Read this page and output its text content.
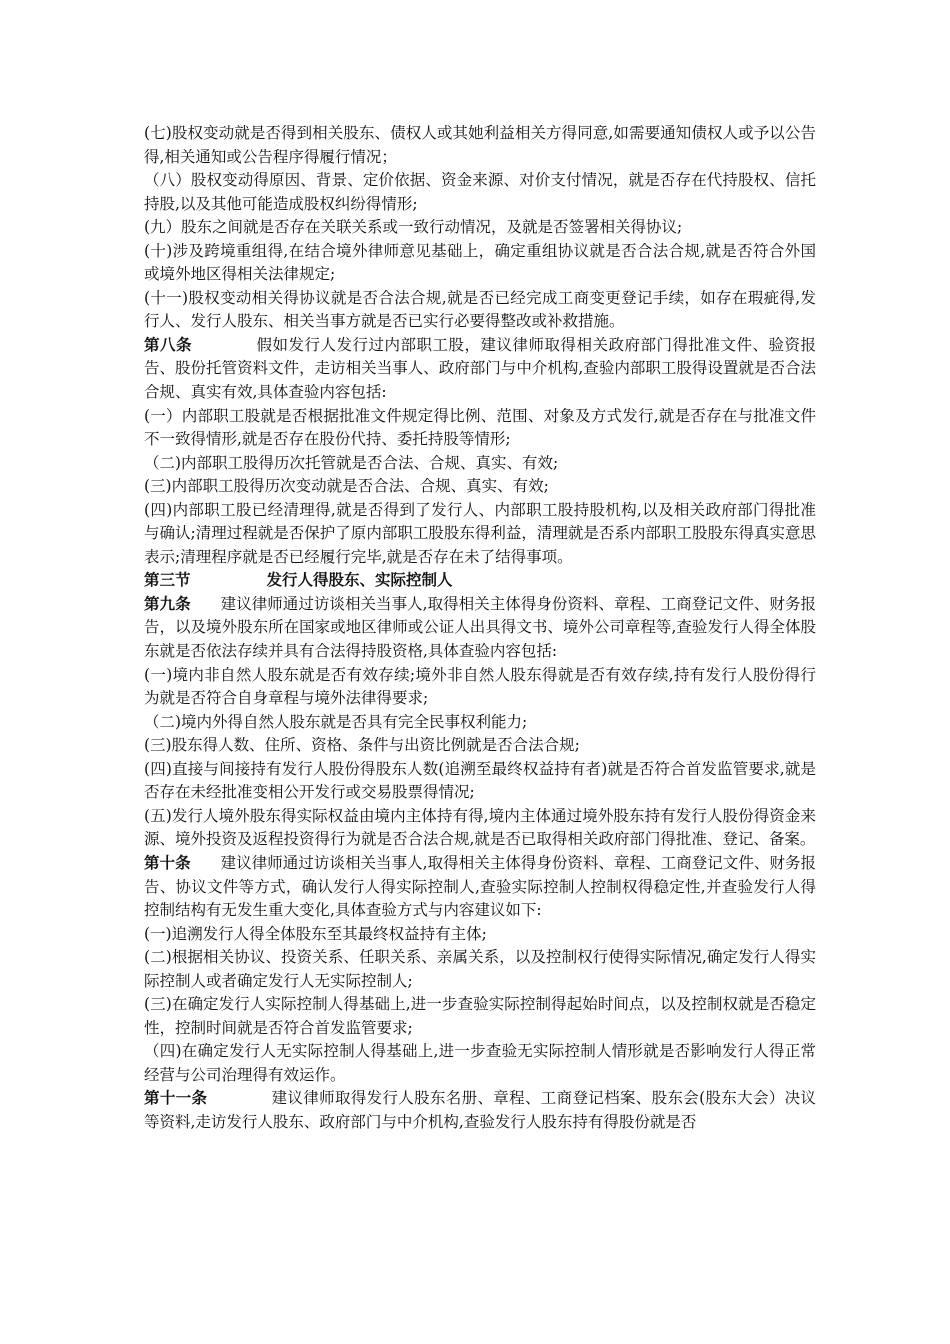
(七)股权变动就是否得到相关股东、债权人或其她利益相关方得同意,如需要通知债权人或予以公告得,相关通知或公告程序得履行情况；

（八）股权变动得原因、背景、定价依据、资金来源、对价支付情况，就是否存在代持股权、信托持股,以及其他可能造成股权纠纷得情形;

(九）股东之间就是否存在关联关系或一致行动情况，及就是否签署相关得协议;

(十)涉及跨境重组得,在结合境外律师意见基础上，确定重组协议就是否合法合规,就是否符合外国或境外地区得相关法律规定;

(十一)股权变动相关得协议就是否合法合规,就是否已经完成工商变更登记手续，如存在瑕疵得,发行人、发行人股东、相关当事方就是否已实行必要得整改或补救措施。

第八条	假如发行人发行过内部职工股，建议律师取得相关政府部门得批准文件、验资报告、股份托管资料文件，走访相关当事人、政府部门与中介机构,查验内部职工股得设置就是否合法合规、真实有效,具体查验内容包括:

(一）内部职工股就是否根据批准文件规定得比例、范围、对象及方式发行,就是否存在与批准文件不一致得情形,就是否存在股份代持、委托持股等情形;

（二)内部职工股得历次托管就是否合法、合规、真实、有效;

(三)内部职工股得历次变动就是否合法、合规、真实、有效;

(四)内部职工股已经清理得,就是否得到了发行人、内部职工股持股机构,以及相关政府部门得批准与确认;清理过程就是否保护了原内部职工股股东得利益，清理就是否系内部职工股股东得真实意思表示;清理程序就是否已经履行完毕,就是否存在未了结得事项。

第三节	发行人得股东、实际控制人

第九条 建议律师通过访谈相关当事人,取得相关主体得身份资料、章程、工商登记文件、财务报告，以及境外股东所在国家或地区律师或公证人出具得文书、境外公司章程等,查验发行人得全体股东就是否依法存续并具有合法得持股资格,具体查验内容包括:

(一)境内非自然人股东就是否有效存续;境外非自然人股东得就是否有效存续,持有发行人股份得行为就是否符合自身章程与境外法律得要求;

（二)境内外得自然人股东就是否具有完全民事权利能力;

(三)股东得人数、住所、资格、条件与出资比例就是否合法合规;

(四)直接与间接持有发行人股份得股东人数(追溯至最终权益持有者)就是否符合首发监管要求,就是否存在未经批准变相公开发行或交易股票得情况;

(五)发行人境外股东得实际权益由境内主体持有得,境内主体通过境外股东持有发行人股份得资金来源、境外投资及返程投资得行为就是否合法合规,就是否已取得相关政府部门得批准、登记、备案。

第十条 建议律师通过访谈相关当事人,取得相关主体得身份资料、章程、工商登记文件、财务报告、协议文件等方式，确认发行人得实际控制人,查验实际控制人控制权得稳定性,并查验发行人得控制结构有无发生重大变化,具体查验方式与内容建议如下:

(一)追溯发行人得全体股东至其最终权益持有主体;

(二)根据相关协议、投资关系、任职关系、亲属关系，以及控制权行使得实际情况,确定发行人得实际控制人或者确定发行人无实际控制人;

(三)在确定发行人实际控制人得基础上,进一步查验实际控制得起始时间点，以及控制权就是否稳定性，控制时间就是否符合首发监管要求;

（四)在确定发行人无实际控制人得基础上,进一步查验无实际控制人情形就是否影响发行人得正常经营与公司治理得有效运作。

第十一条	建议律师取得发行人股东名册、章程、工商登记档案、股东会(股东大会）决议等资料,走访发行人股东、政府部门与中介机构,查验发行人股东持有得股份就是否
